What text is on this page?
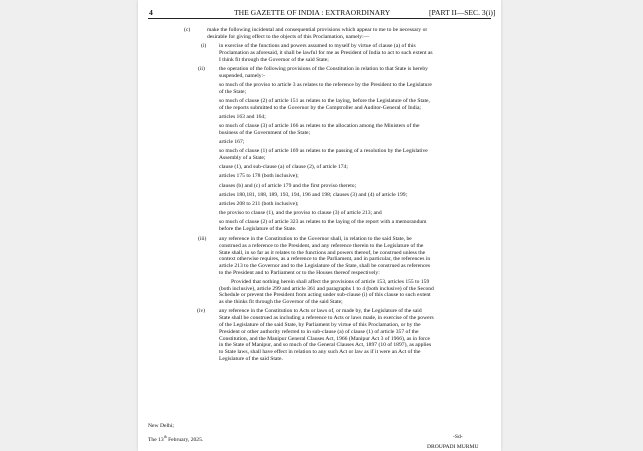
4	THE GAZETTE OF INDIA : EXTRAORDINARY	[PART II—SEC. 3(i)]
(c)	make the following incidental and consequential provisions which appear to me to be necessary or
desirable for giving effect to the objects of this Proclamation, namely:—
(i) in exercise of the functions and powers assumed to myself by virtue of clause (a) of this
Proclamation as aforesaid, it shall be lawful for me as President of India to act to such extent as
I think fit through the Governor of the said State;
(ii)	the operation of the following provisions of the Constitution in relation to that State is hereby
suspended, namely:-
so much of the proviso to article 3 as relates to the reference by the President to the Legislature
of the State;
so much of clause (2) of article 151 as relates to the laying, before the Legislature of the State,
of the reports submitted to the Governor by the Comptroller and Auditor-General of India;
articles 163 and 164;
so much of clause (3) of article 166 as relates to the allocation among the Ministers of the
business of the Government of the State;
article 167;
so much of clause (1) of article 169 as relates to the passing of a resolution by the Legislative
Assembly of a State;
clause (1), and sub-clause (a) of clause (2), of article 174;
articles 175 to 178 (both inclusive);
clauses (b) and (c) of article 179 and the first proviso thereto;
articles 180,181, 188, 189, 193, 194, 196 and 198; clauses (3) and (4) of article 199;
articles 208 to 211 (both inclusive);
the proviso to clause (1), and the proviso to clause (3) of article 213; and
so much of clause (2) of article 323 as relates to the laying of the report with a memorandum
before the Legislature of the State.
(iii) any reference in the Constitution to the Governor shall, in relation to the said State, be
construed as a reference to the President, and any reference therein to the Legislature of the
State shall, in so far as it relates to the functions and powers thereof, be construed unless the
context otherwise requires, as a reference to the Parliament, and in particular, the references in
article 213 to the Governor and to the Legislature of the State, shall be construed as references
to the President and to Parliament or to the Houses thereof respectively:
Provided that nothing herein shall affect the provisions of article 153, articles 155 to 159
(both inclusive), article 299 and article 361 and paragraphs 1 to 4 (both inclusive) of the Second
Schedule or prevent the President from acting under sub-clause (i) of this clause to such extent
as she thinks fit through the Governor of the said State;
(iv) any reference in the Constitution to Acts or laws of, or made by, the Legislature of the said
State shall be construed as including a reference to Acts or laws made, in exercise of the powers
of the Legislature of the said State, by Parliament by virtue of this Proclamation, or by the
President or other authority referred to in sub-clause (a) of clause (1) of article 357 of the
Constitution, and the Manipur General Clauses Act, 1966 (Manipur Act 3 of 1966), as in force
in the State of Manipur, and so much of the General Clauses Act, 1897 (10 of 1897), as applies
to State laws, shall have effect in relation to any such Act or law as if it were an Act of the
Legislature of the said State.
New Delhi;
The 13th February, 2025.	-Sd-
DROUPADI MURMU
